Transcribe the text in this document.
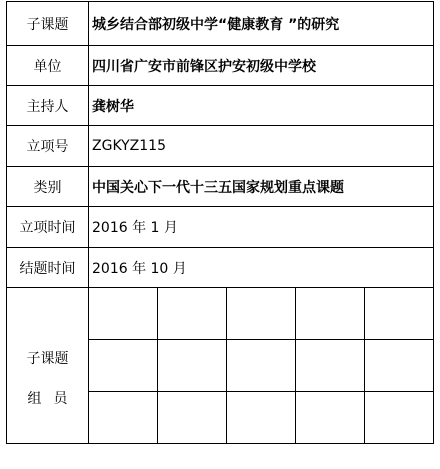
子课题	城乡结合部初级中学“健康教育 ”的研究
单位	四川省广安市前锋区护安初级中学校
主持人	龚树华
立项号	ZGKYZ115
类别	中国关心下一代十三五国家规划重点课题
立项时间	2016 年 1 月
结题时间	2016 年 10 月

子课题
组员
